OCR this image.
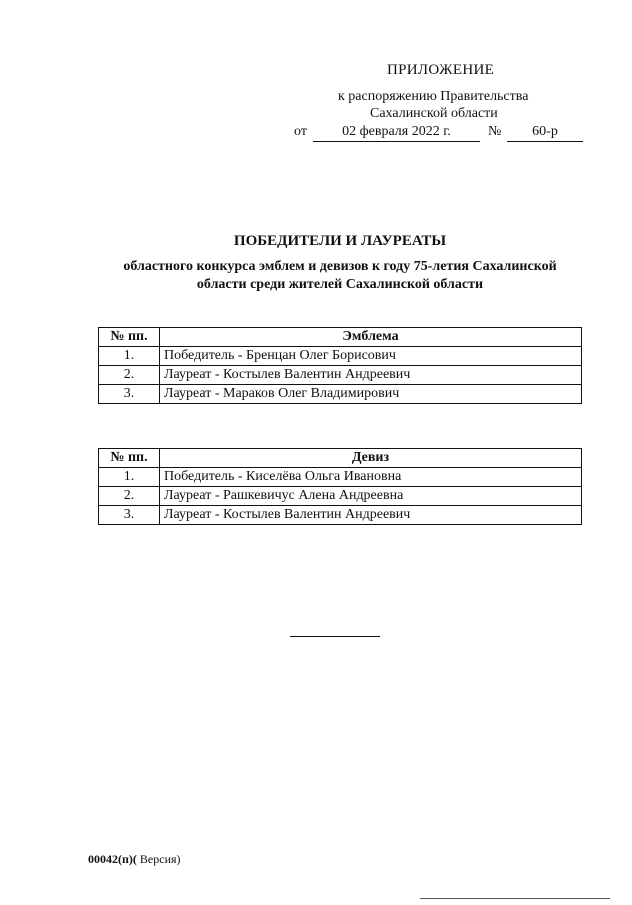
ПРИЛОЖЕНИЕ
к распоряжению Правительства
Сахалинской области
от	02 февраля 2022 г.	№	60-р
ПОБЕДИТЕЛИ И ЛАУРЕАТЫ
областного конкурса эмблем и девизов к году 75-летия Сахалинской
области среди жителей Сахалинской области
№ пп.	Эмблема
1.	Победитель - Бренцан Олег Борисович
2.	Лауреат - Костылев Валентин Андреевич
3.	Лауреат - Мараков Олег Владимирович
№ пп.	Девиз
1.	Победитель - Киселёва Ольга Ивановна
2.	Лауреат - Рашкевичус Алена Андреевна
3.	Лауреат - Костылев Валентин Андреевич
00042(п)( Версия)
